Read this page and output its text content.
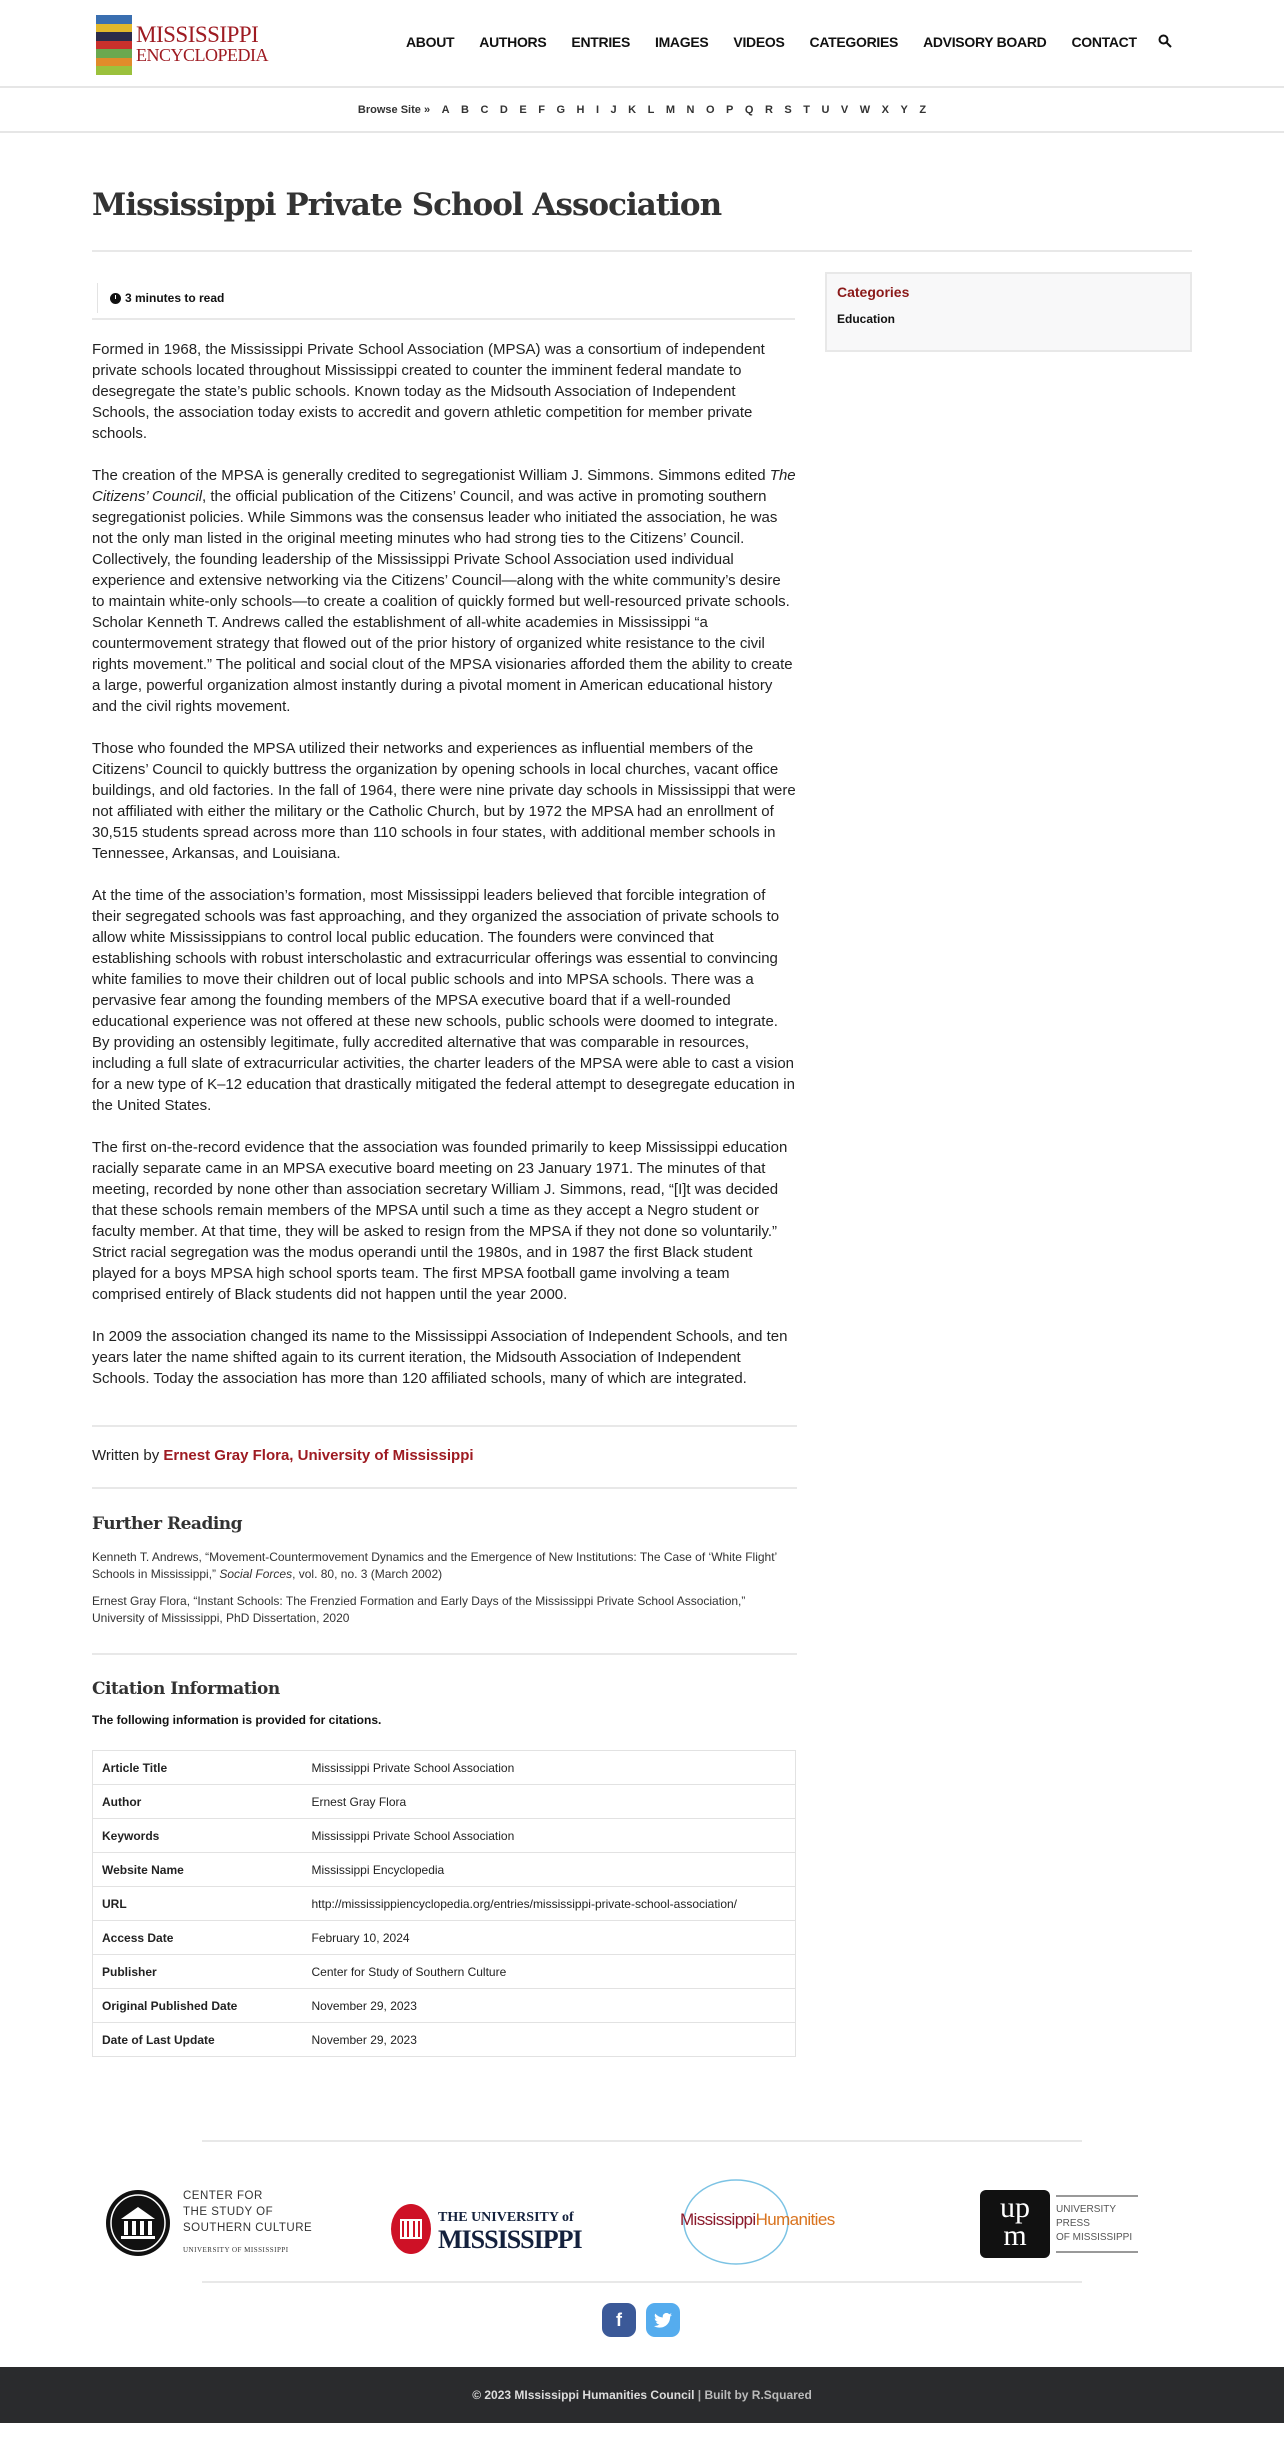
MISSISSIPPI
ENCYCLOPEDIA
ABOUT AUTHORS ENTRIES IMAGES VIDEOS CATEGORIES ADVISORY BOARD CONTACT
Browse Site » A B C D E F G H I J K L M N O P Q R S T U V W X Y Z
Mississippi Private School Association
3 minutes to read	Categories
Education

Formed in 1968, the Mississippi Private School Association (MPSA) was a consortium of independent private schools located throughout Mississippi created to counter the imminent federal mandate to desegregate the state’s public schools. Known today as the Midsouth Association of Independent Schools, the association today exists to accredit and govern athletic competition for member private schools.

The creation of the MPSA is generally credited to segregationist William J. Simmons. Simmons edited The Citizens’ Council, the official publication of the Citizens’ Council, and was active in promoting southern segregationist policies. While Simmons was the consensus leader who initiated the association, he was not the only man listed in the original meeting minutes who had strong ties to the Citizens’ Council. Collectively, the founding leadership of the Mississippi Private School Association used individual experience and extensive networking via the Citizens’ Council—along with the white community’s desire to maintain white-only schools—to create a coalition of quickly formed but well-resourced private schools. Scholar Kenneth T. Andrews called the establishment of all-white academies in Mississippi “a countermovement strategy that flowed out of the prior history of organized white resistance to the civil rights movement.” The political and social clout of the MPSA visionaries afforded them the ability to create a large, powerful organization almost instantly during a pivotal moment in American educational history and the civil rights movement.

Those who founded the MPSA utilized their networks and experiences as influential members of the Citizens’ Council to quickly buttress the organization by opening schools in local churches, vacant office buildings, and old factories. In the fall of 1964, there were nine private day schools in Mississippi that were not affiliated with either the military or the Catholic Church, but by 1972 the MPSA had an enrollment of 30,515 students spread across more than 110 schools in four states, with additional member schools in Tennessee, Arkansas, and Louisiana.

At the time of the association’s formation, most Mississippi leaders believed that forcible integration of their segregated schools was fast approaching, and they organized the association of private schools to allow white Mississippians to control local public education. The founders were convinced that establishing schools with robust interscholastic and extracurricular offerings was essential to convincing white families to move their children out of local public schools and into MPSA schools. There was a pervasive fear among the founding members of the MPSA executive board that if a well-rounded educational experience was not offered at these new schools, public schools were doomed to integrate. By providing an ostensibly legitimate, fully accredited alternative that was comparable in resources, including a full slate of extracurricular activities, the charter leaders of the MPSA were able to cast a vision for a new type of K–12 education that drastically mitigated the federal attempt to desegregate education in the United States.

The first on-the-record evidence that the association was founded primarily to keep Mississippi education racially separate came in an MPSA executive board meeting on 23 January 1971. The minutes of that meeting, recorded by none other than association secretary William J. Simmons, read, “[I]t was decided that these schools remain members of the MPSA until such a time as they accept a Negro student or faculty member. At that time, they will be asked to resign from the MPSA if they not done so voluntarily.” Strict racial segregation was the modus operandi until the 1980s, and in 1987 the first Black student played for a boys MPSA high school sports team. The first MPSA football game involving a team comprised entirely of Black students did not happen until the year 2000.

In 2009 the association changed its name to the Mississippi Association of Independent Schools, and ten years later the name shifted again to its current iteration, the Midsouth Association of Independent Schools. Today the association has more than 120 affiliated schools, many of which are integrated.

Written by Ernest Gray Flora, University of Mississippi
Further Reading

Kenneth T. Andrews, “Movement-Countermovement Dynamics and the Emergence of New Institutions: The Case of ‘White Flight’ Schools in Mississippi,” Social Forces, vol. 80, no. 3 (March 2002)

Ernest Gray Flora, “Instant Schools: The Frenzied Formation and Early Days of the Mississippi Private School Association,” University of Mississippi, PhD Dissertation, 2020

Citation Information
The following information is provided for citations.
Article Title	Mississippi Private School Association
Author	Ernest Gray Flora
Keywords	Mississippi Private School Association
Website Name	Mississippi Encyclopedia
URL	http://mississippiencyclopedia.org/entries/mississippi-private-school-association/
Access Date	February 10, 2024
Publisher	Center for Study of Southern Culture
Original Published Date	November 29, 2023
Date of Last Update	November 29, 2023
CENTER FOR
THE STUDY OF
SOUTHERN CULTURE
UNIVERSITY OF MISSISSIPPI
THE UNIVERSITY of
MISSISSIPPI
MississippiHumanities	up
m
UNIVERSITY PRESS
OF MISSISSIPPI
f
© 2023 MIssissippi Humanities Council | Built by R.Squared
